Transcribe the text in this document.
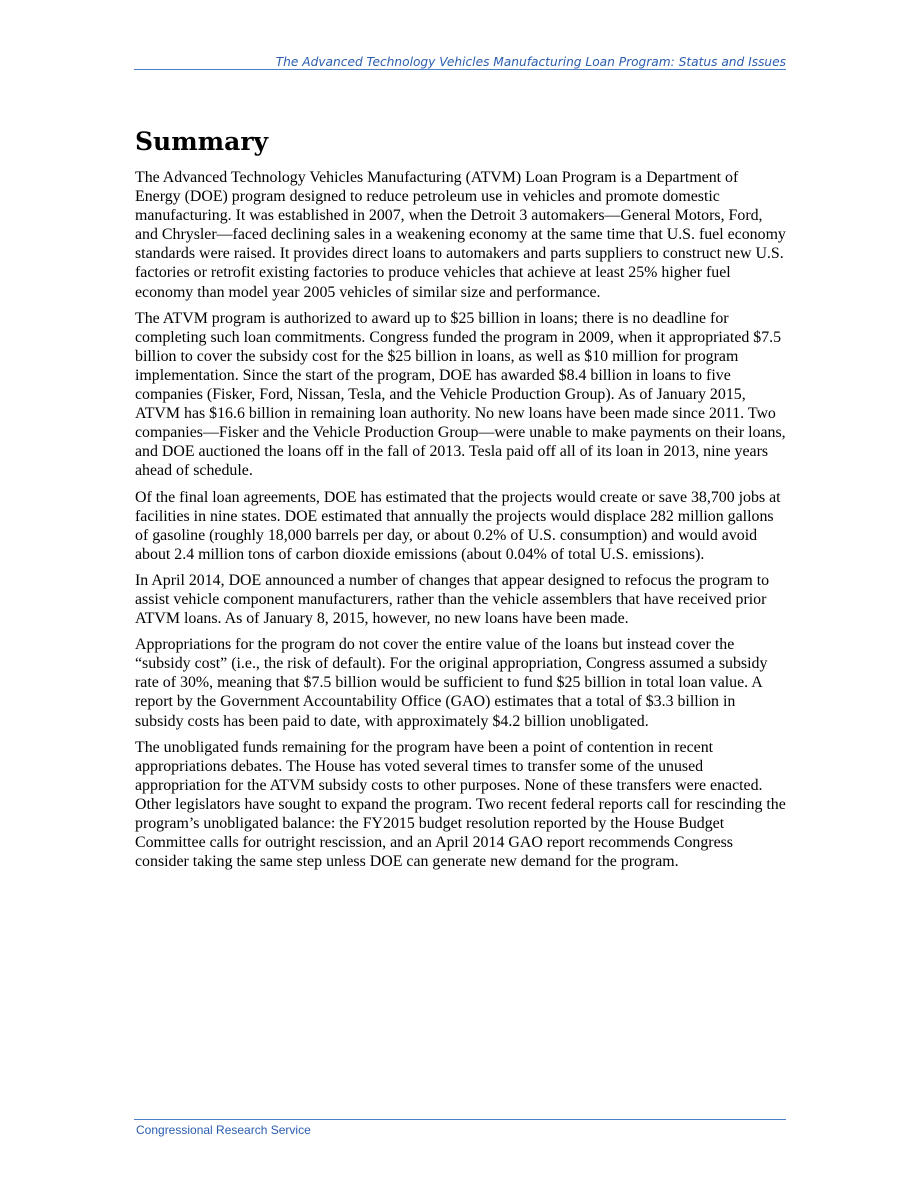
The Advanced Technology Vehicles Manufacturing Loan Program: Status and Issues
Summary

The Advanced Technology Vehicles Manufacturing (ATVM) Loan Program is a Department of Energy (DOE) program designed to reduce petroleum use in vehicles and promote domestic manufacturing. It was established in 2007, when the Detroit 3 automakers—General Motors, Ford, and Chrysler—faced declining sales in a weakening economy at the same time that U.S. fuel economy standards were raised. It provides direct loans to automakers and parts suppliers to construct new U.S. factories or retrofit existing factories to produce vehicles that achieve at least 25% higher fuel economy than model year 2005 vehicles of similar size and performance.

The ATVM program is authorized to award up to $25 billion in loans; there is no deadline for completing such loan commitments. Congress funded the program in 2009, when it appropriated $7.5 billion to cover the subsidy cost for the $25 billion in loans, as well as $10 million for program implementation. Since the start of the program, DOE has awarded $8.4 billion in loans to five companies (Fisker, Ford, Nissan, Tesla, and the Vehicle Production Group). As of January 2015, ATVM has $16.6 billion in remaining loan authority. No new loans have been made since 2011. Two companies—Fisker and the Vehicle Production Group—were unable to make payments on their loans, and DOE auctioned the loans off in the fall of 2013. Tesla paid off all of its loan in 2013, nine years ahead of schedule.

Of the final loan agreements, DOE has estimated that the projects would create or save 38,700 jobs at facilities in nine states. DOE estimated that annually the projects would displace 282 million gallons of gasoline (roughly 18,000 barrels per day, or about 0.2% of U.S. consumption) and would avoid about 2.4 million tons of carbon dioxide emissions (about 0.04% of total U.S. emissions).

In April 2014, DOE announced a number of changes that appear designed to refocus the program to assist vehicle component manufacturers, rather than the vehicle assemblers that have received prior ATVM loans. As of January 8, 2015, however, no new loans have been made.

Appropriations for the program do not cover the entire value of the loans but instead cover the “subsidy cost” (i.e., the risk of default). For the original appropriation, Congress assumed a subsidy rate of 30%, meaning that $7.5 billion would be sufficient to fund $25 billion in total loan value. A report by the Government Accountability Office (GAO) estimates that a total of $3.3 billion in subsidy costs has been paid to date, with approximately $4.2 billion unobligated.

The unobligated funds remaining for the program have been a point of contention in recent appropriations debates. The House has voted several times to transfer some of the unused appropriation for the ATVM subsidy costs to other purposes. None of these transfers were enacted. Other legislators have sought to expand the program. Two recent federal reports call for rescinding the program’s unobligated balance: the FY2015 budget resolution reported by the House Budget Committee calls for outright rescission, and an April 2014 GAO report recommends Congress consider taking the same step unless DOE can generate new demand for the program.

Congressional Research Service
